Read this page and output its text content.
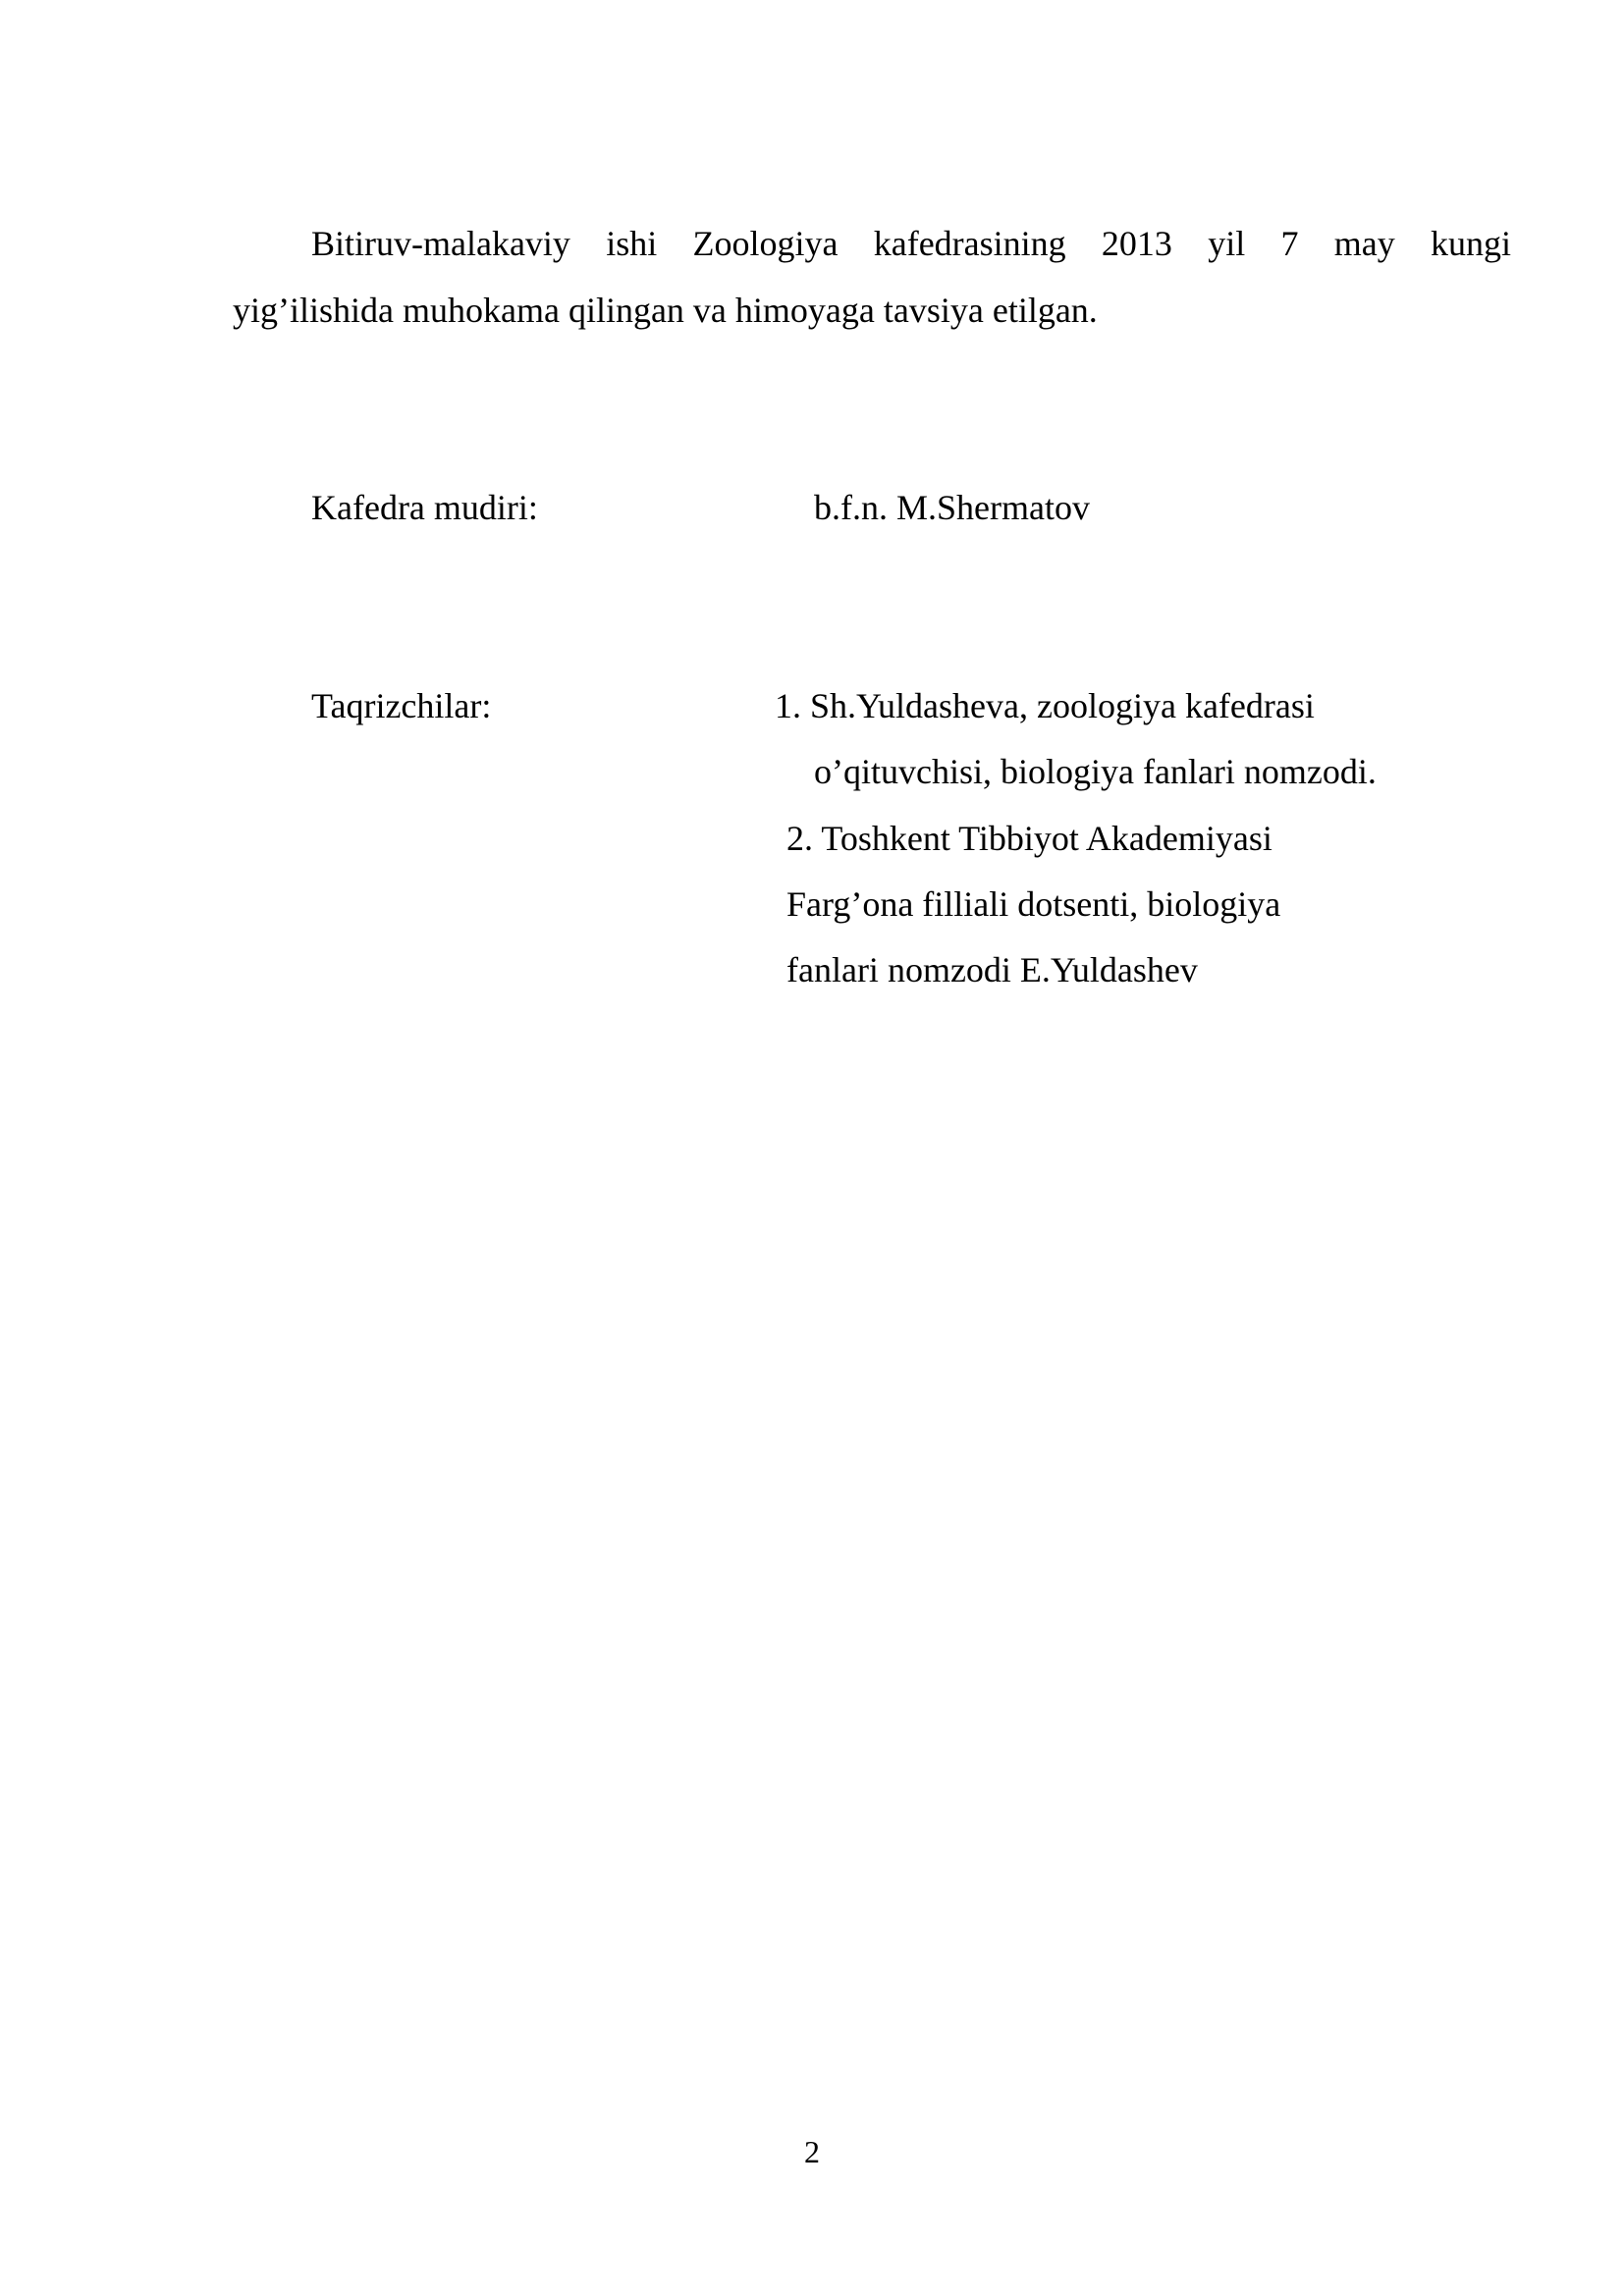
Bitiruv-malakaviy ishi Zoologiya kafedrasining 2013 yil 7 may kungi
yig’ilishida muhokama qilingan va himoyaga tavsiya etilgan.
Kafedra mudiri:	b.f.n. M.Shermatov
Taqrizchilar:	1. Sh.Yuldasheva, zoologiya kafedrasi
o’qituvchisi, biologiya fanlari nomzodi.
2. Toshkent Tibbiyot Akademiyasi
Farg’ona filliali dotsenti, biologiya
fanlari nomzodi E.Yuldashev
2
